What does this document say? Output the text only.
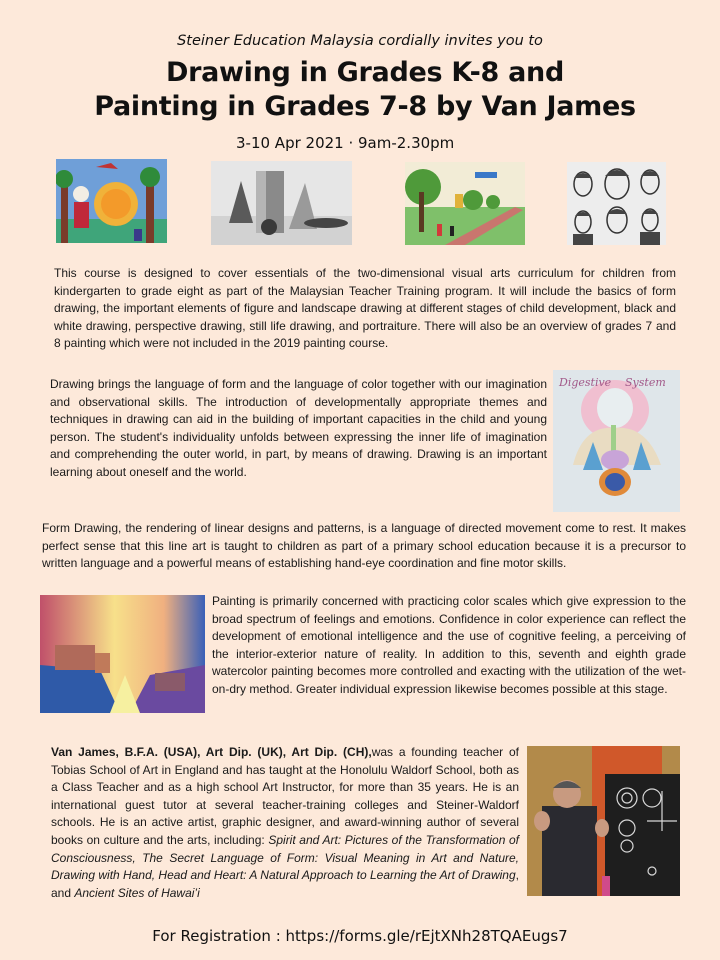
Steiner Education Malaysia cordially invites you to
Drawing in Grades K-8 and
Painting in Grades 7-8 by Van James
3-10 Apr 2021 · 9am-2.30pm

This course is designed to cover essentials of the two-dimensional visual arts curriculum for children from kindergarten to grade eight as part of the Malaysian Teacher Training program. It will include the basics of form drawing, the important elements of figure and landscape drawing at different stages of child development, black and white drawing, perspective drawing, still life drawing, and portraiture. There will also be an overview of grades 7 and 8 painting which were not included in the 2019 painting course.

Drawing brings the language of form and the language of color together with our imagination and observational skills. The introduction of developmentally appropriate themes and techniques in drawing can aid in the building of important capacities in the child and young person. The student's individuality unfolds between expressing the inner life of imagination and comprehending the outer world, in part, by means of drawing. Drawing is an important learning about oneself and the world.

Digestive System

Form Drawing, the rendering of linear designs and patterns, is a language of directed movement come to rest. It makes perfect sense that this line art is taught to children as part of a primary school education because it is a precursor to written language and a powerful means of establishing hand-eye coordination and fine motor skills.

Painting is primarily concerned with practicing color scales which give expression to the broad spectrum of feelings and emotions. Confidence in color experience can reflect the development of emotional intelligence and the use of cognitive feeling, a perceiving of the interior-exterior nature of reality. In addition to this, seventh and eighth grade watercolor painting becomes more controlled and exacting with the utilization of the wet-on-dry method. Greater individual expression likewise becomes possible at this stage.

Van James, B.F.A. (USA), Art Dip. (UK), Art Dip. (CH),was a founding teacher of Tobias School of Art in England and has taught at the Honolulu Waldorf School, both as a Class Teacher and as a high school Art Instructor, for more than 35 years. He is an international guest tutor at several teacher-training colleges and Steiner-Waldorf schools. He is an active artist, graphic designer, and award-winning author of several books on culture and the arts, including: Spirit and Art: Pictures of the Transformation of Consciousness, The Secret Language of Form: Visual Meaning in Art and Nature, Drawing with Hand, Head and Heart: A Natural Approach to Learning the Art of Drawing, and Ancient Sites of Hawai’i

For Registration : https://forms.gle/rEjtXNh28TQAEugs7
